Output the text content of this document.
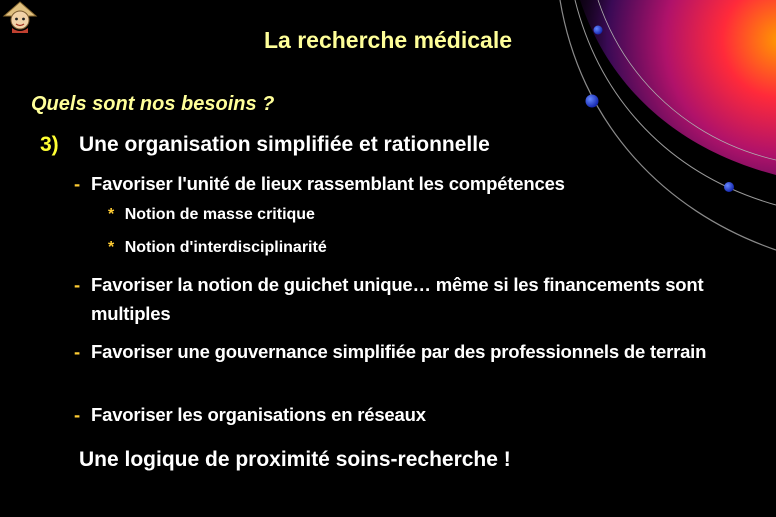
La recherche médicale
Quels sont nos besoins ?
3) Une organisation simplifiée et rationnelle
- Favoriser l'unité de lieux rassemblant les compétences
* Notion de masse critique
* Notion d'interdisciplinarité
- Favoriser la notion de guichet unique… même si les financements sont multiples
- Favoriser une gouvernance simplifiée par des professionnels de terrain
- Favoriser les organisations en réseaux
Une logique de proximité soins-recherche !
